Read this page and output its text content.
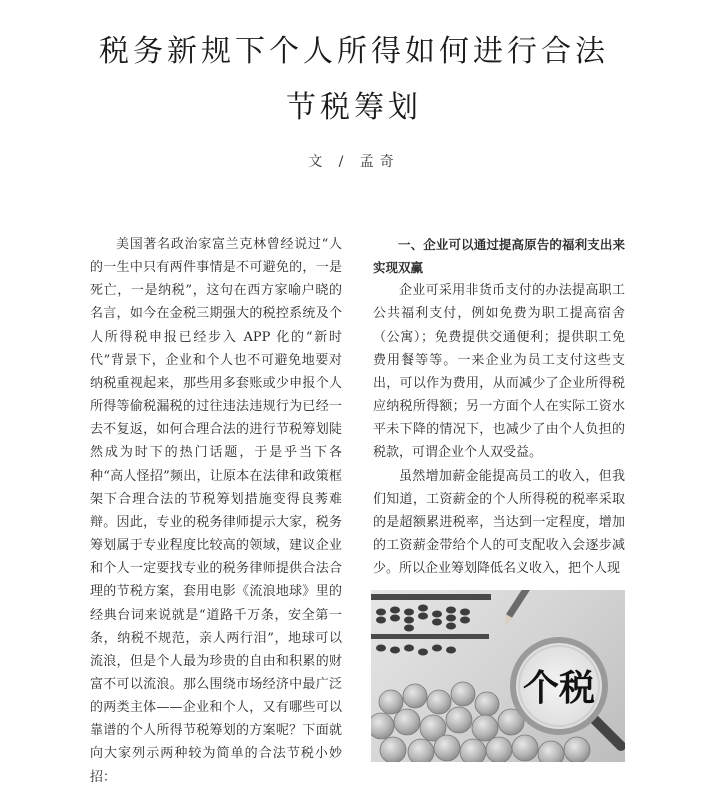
税务新规下个人所得如何进行合法
节税筹划
文 / 孟奇

美国著名政治家富兰克林曾经说过“人的一生中只有两件事情是不可避免的，一是死亡，一是纳税”，这句在西方家喻户晓的名言，如今在金税三期强大的税控系统及个人所得税申报已经步入 APP 化的“新时代”背景下，企业和个人也不可避免地要对纳税重视起来，那些用多套账或少申报个人所得等偷税漏税的过往违法违规行为已经一去不复返，如何合理合法的进行节税筹划陡然成为时下的热门话题，于是乎当下各种“高人怪招”频出，让原本在法律和政策框架下合理合法的节税筹划措施变得良莠难辩。因此，专业的税务律师提示大家，税务筹划属于专业程度比较高的领域，建议企业和个人一定要找专业的税务律师提供合法合理的节税方案，套用电影《流浪地球》里的经典台词来说就是“道路千万条，安全第一条，纳税不规范，亲人两行泪”，地球可以流浪，但是个人最为珍贵的自由和积累的财富不可以流浪。那么围绕市场经济中最广泛的两类主体——企业和个人，又有哪些可以靠谱的个人所得节税筹划的方案呢？下面就向大家列示两种较为简单的合法节税小妙招：

一、企业可以通过提高原告的福利支出来实现双赢

企业可采用非货币支付的办法提高职工公共福利支付，例如免费为职工提高宿舍（公寓）；免费提供交通便利；提供职工免费用餐等等。一来企业为员工支付这些支出，可以作为费用，从而减少了企业所得税应纳税所得额；另一方面个人在实际工资水平未下降的情况下，也减少了由个人负担的税款，可谓企业个人双受益。

虽然增加薪金能提高员工的收入，但我们知道，工资薪金的个人所得税的税率采取的是超额累进税率，当达到一定程度，增加的工资薪金带给个人的可支配收入会逐步减少。所以企业筹划降低名义收入，把个人现

个税
